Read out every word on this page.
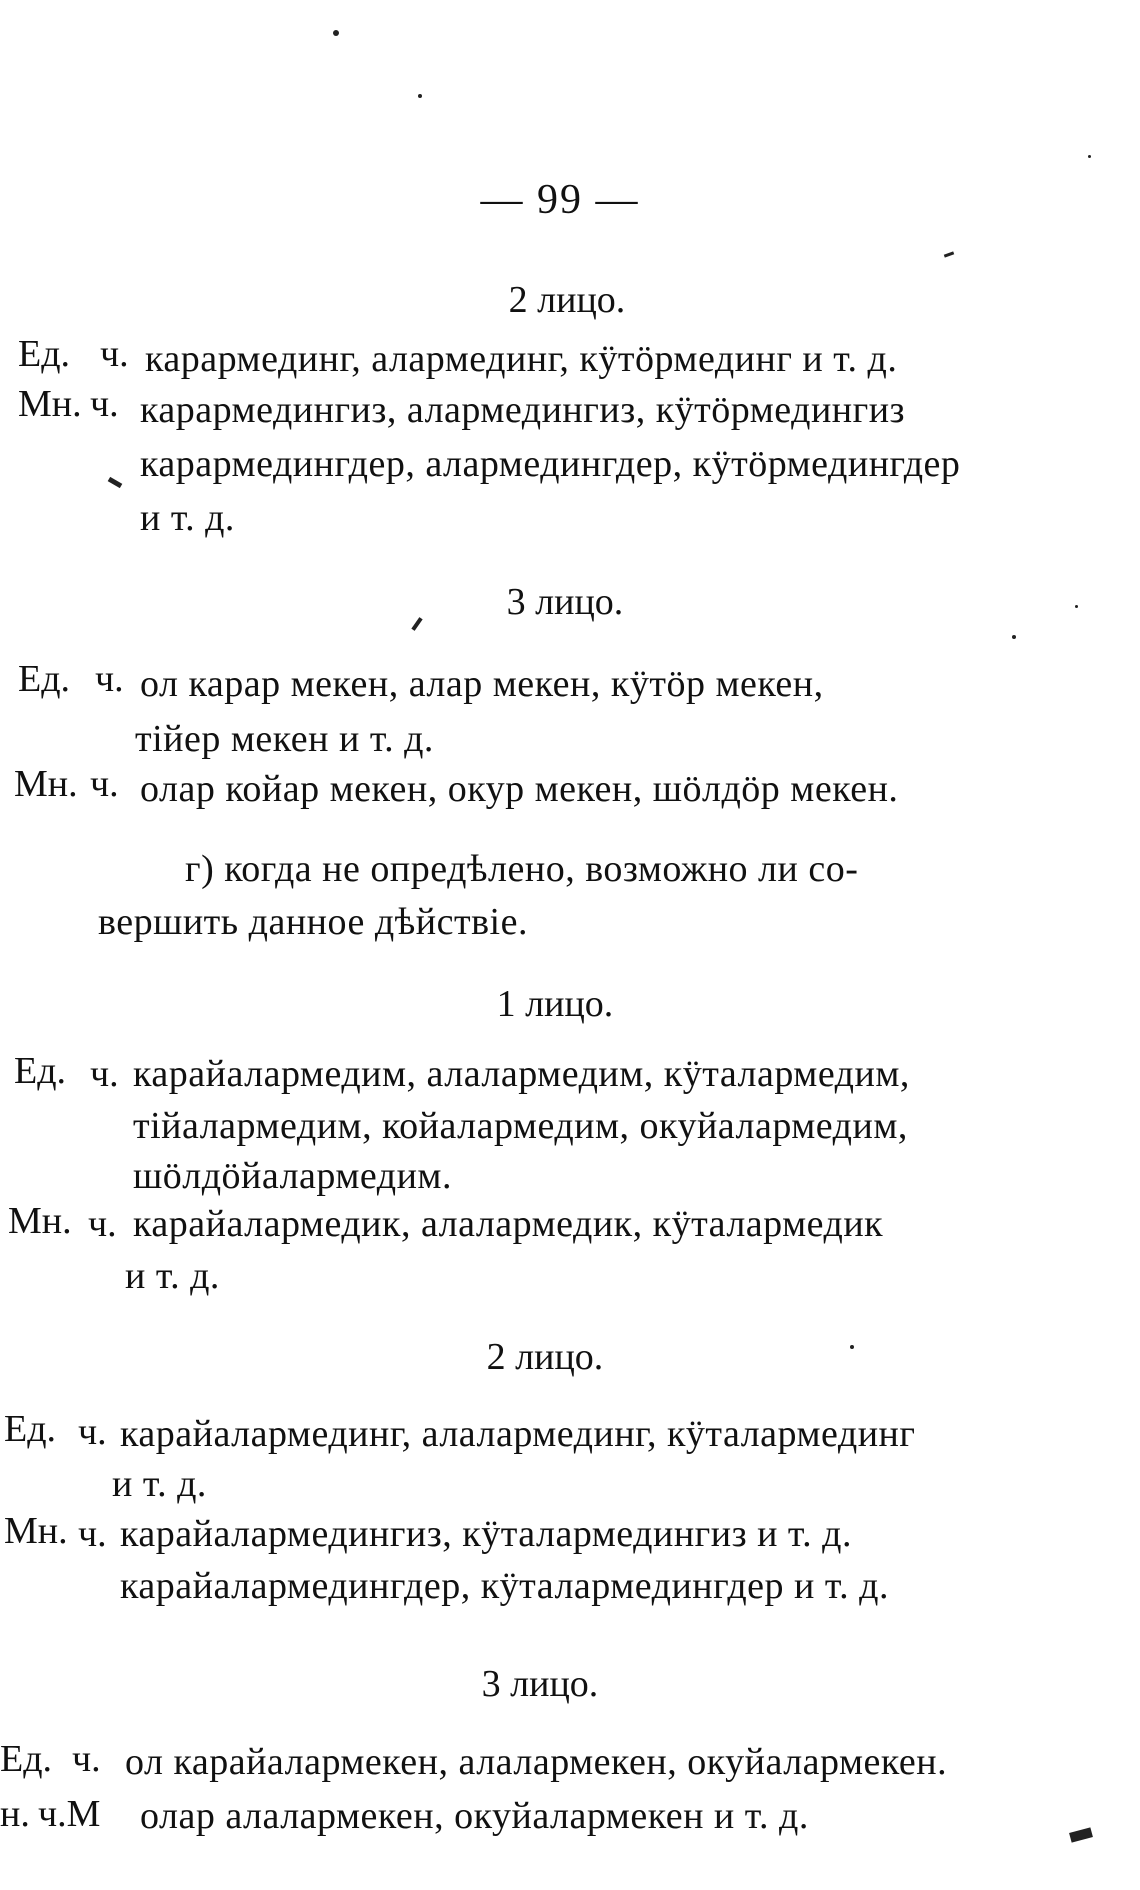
— 99 —
2 лицо.
Ед. ч. карармединг, алармединг, кӱтӧрмединг и т. д.
Мн. ч. карармедингиз, алармедингиз, кӱтӧрмедингиз
карармедингдер, алармедингдер, кӱтӧрмедингдер
и т. д.
3 лицо.
Ед. ч. ол карар мекен, алар мекен, кӱтӧр мекен,
тійер мекен и т. д.
Мн. ч. олар койар мекен, окур мекен, шӧлдӧр мекен.
г) когда не опредѣлено, возможно ли со-
вершить данное дѣйствіе.
1 лицо.
Ед. ч. карайалармедим, алалармедим, кӱталармедим,
тійалармедим, койалармедим, окуйалармедим,
шӧлдӧйалармедим.
Мн. ч. карайалармедик, алалармедик, кӱталармедик
и т. д.
2 лицо.
Ед. ч. карайалармединг, алалармединг, кӱталармединг
и т. д.
Мн. ч. карайалармедингиз, кӱталармедингиз и т. д.
карайалармедингдер, кӱталармедингдер и т. д.
3 лицо.
Ед. ч. ол карайалармекен, алалармекен, окуйалармекен.
н. ч.М олар алалармекен, окуйалармекен и т. д.
